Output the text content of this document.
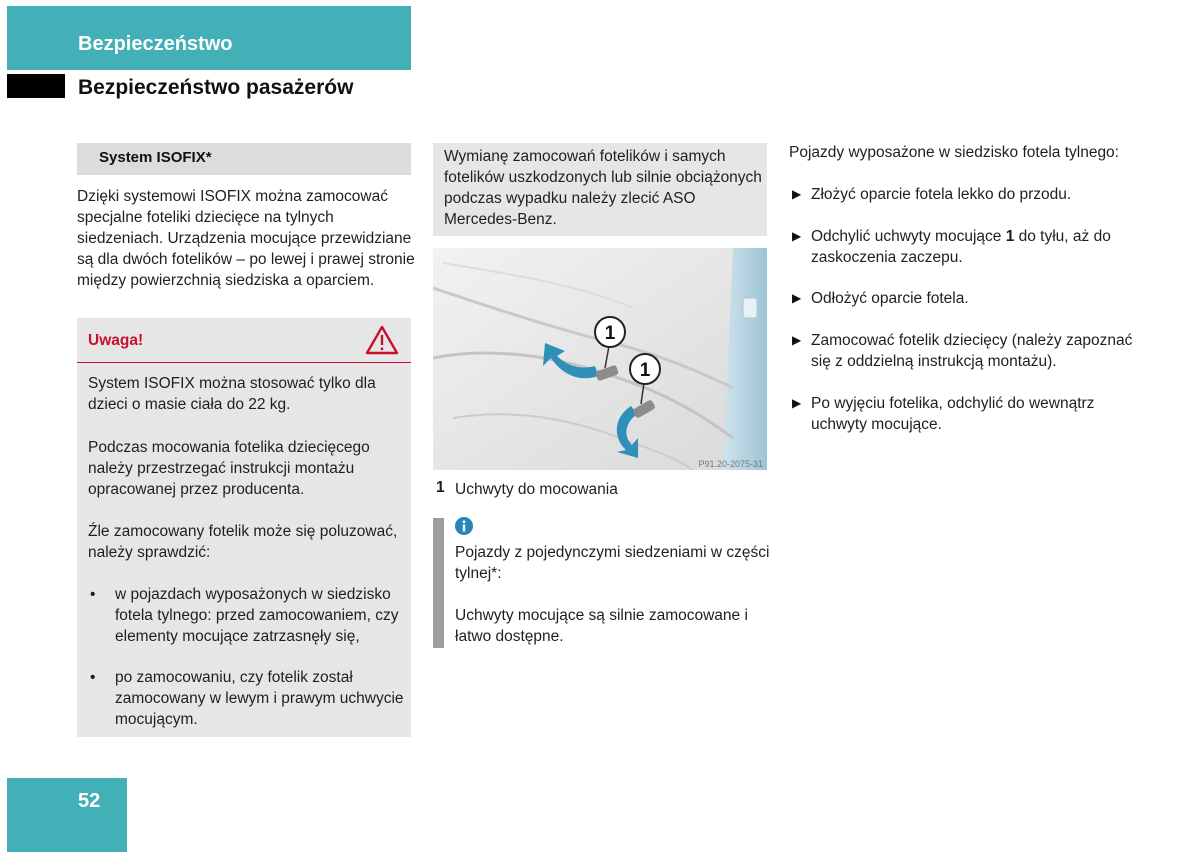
Bezpieczeństwo
Bezpieczeństwo pasażerów
System ISOFIX*
Dzięki systemowi ISOFIX można zamocować specjalne foteliki dziecięce na tylnych siedzeniach. Urządzenia mocujące przewidziane są dla dwóch fotelików – po lewej i prawej stronie między powierzchnią siedziska a oparciem.
Uwaga!
System ISOFIX można stosować tylko dla dzieci o masie ciała do 22 kg.
Podczas mocowania fotelika dziecięcego należy przestrzegać instrukcji montażu opracowanej przez producenta.
Źle zamocowany fotelik może się poluzować, należy sprawdzić:
• w pojazdach wyposażonych w siedzisko fotela tylnego: przed zamocowaniem, czy elementy mocujące zatrzasnęły się,
• po zamocowaniu, czy fotelik został zamocowany w lewym i prawym uchwycie mocującym.
Wymianę zamocowań fotelików i samych fotelików uszkodzonych lub silnie obciążonych podczas wypadku należy zlecić ASO Mercedes-Benz.
1
1
P91.20-2075-31
1 Uchwyty do mocowania
Pojazdy z pojedynczymi siedzeniami w części tylnej*:
Uchwyty mocujące są silnie zamocowane i łatwo dostępne.
Pojazdy wyposażone w siedzisko fotela tylnego:
▶ Złożyć oparcie fotela lekko do przodu.
▶ Odchylić uchwyty mocujące 1 do tyłu, aż do zaskoczenia zaczepu.
▶ Odłożyć oparcie fotela.
▶ Zamocować fotelik dziecięcy (należy zapoznać się z oddzielną instrukcją montażu).
▶ Po wyjęciu fotelika, odchylić do wewnątrz uchwyty mocujące.
52
